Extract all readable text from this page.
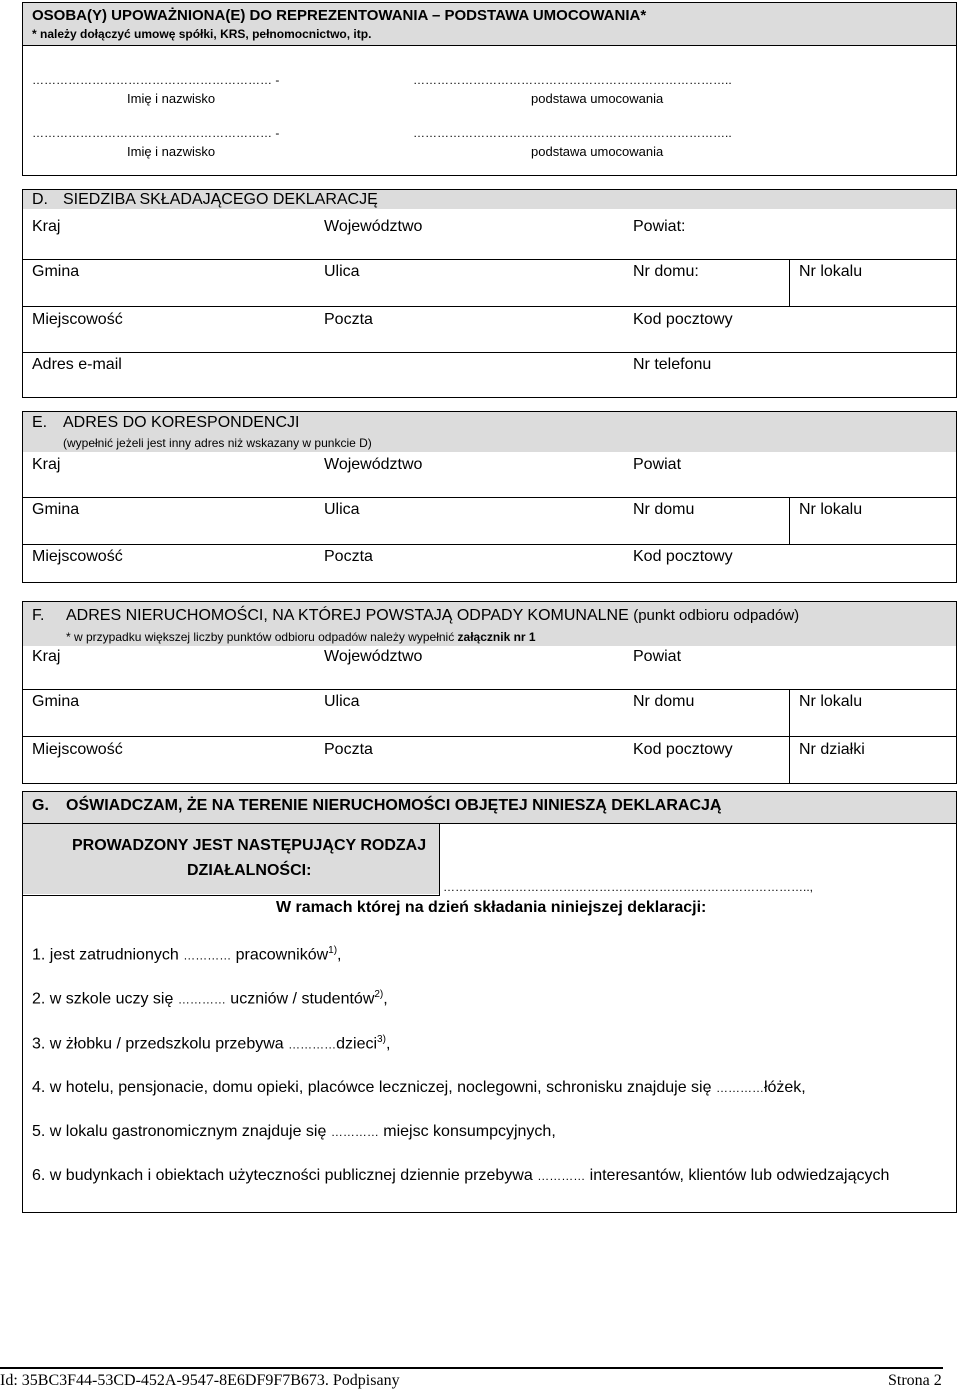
OSOBA(Y) UPOWAŻNIONA(E) DO REPREZENTOWANIA – PODSTAWA UMOCOWANIA*
* należy dołączyć umowę spółki, KRS, pełnomocnictwo, itp.
…………………………………………………… -	……………………………………………………………………..
Imię i nazwisko	podstawa umocowania
…………………………………………………… -	……………………………………………………………………..
Imię i nazwisko	podstawa umocowania
D. SIEDZIBA SKŁADAJĄCEGO DEKLARACJĘ
Kraj	Województwo	Powiat:
Gmina	Ulica	Nr domu:	Nr lokalu
Miejscowość	Poczta	Kod pocztowy
Adres e-mail	Nr telefonu
E. ADRES DO KORESPONDENCJI
(wypełnić jeżeli jest inny adres niż wskazany w punkcie D)
Kraj	Województwo	Powiat
Gmina	Ulica	Nr domu	Nr lokalu
Miejscowość	Poczta	Kod pocztowy
F. ADRES NIERUCHOMOŚCI, NA KTÓREJ POWSTAJĄ ODPADY KOMUNALNE (punkt odbioru odpadów)
* w przypadku większej liczby punktów odbioru odpadów należy wypełnić załącznik nr 1
Kraj	Województwo	Powiat
Gmina	Ulica	Nr domu	Nr lokalu
Miejscowość	Poczta	Kod pocztowy	Nr działki
G. OŚWIADCZAM, ŻE NA TERENIE NIERUCHOMOŚCI OBJĘTEJ NINIESZĄ DEKLARACJĄ
PROWADZONY JEST NASTĘPUJĄCY RODZAJ
DZIAŁALNOŚCI:
………………………………………………………………………………..,
W ramach której na dzień składania niniejszej deklaracji:
1. jest zatrudnionych ………… pracowników$^{1)}$,
2. w szkole uczy się ………… uczniów / studentów$^{2)}$,
3. w żłobku / przedszkolu przebywa …………dzieci$^{3)}$,
4. w hotelu, pensjonacie, domu opieki, placówce leczniczej, noclegowni, schronisku znajduje się …………łóżek,
5. w lokalu gastronomicznym znajduje się ………… miejsc konsumpcyjnych,
6. w budynkach i obiektach użyteczności publicznej dziennie przebywa ………… interesantów, klientów lub odwiedzających
Id: 35BC3F44-53CD-452A-9547-8E6DF9F7B673. Podpisany	Strona 2
